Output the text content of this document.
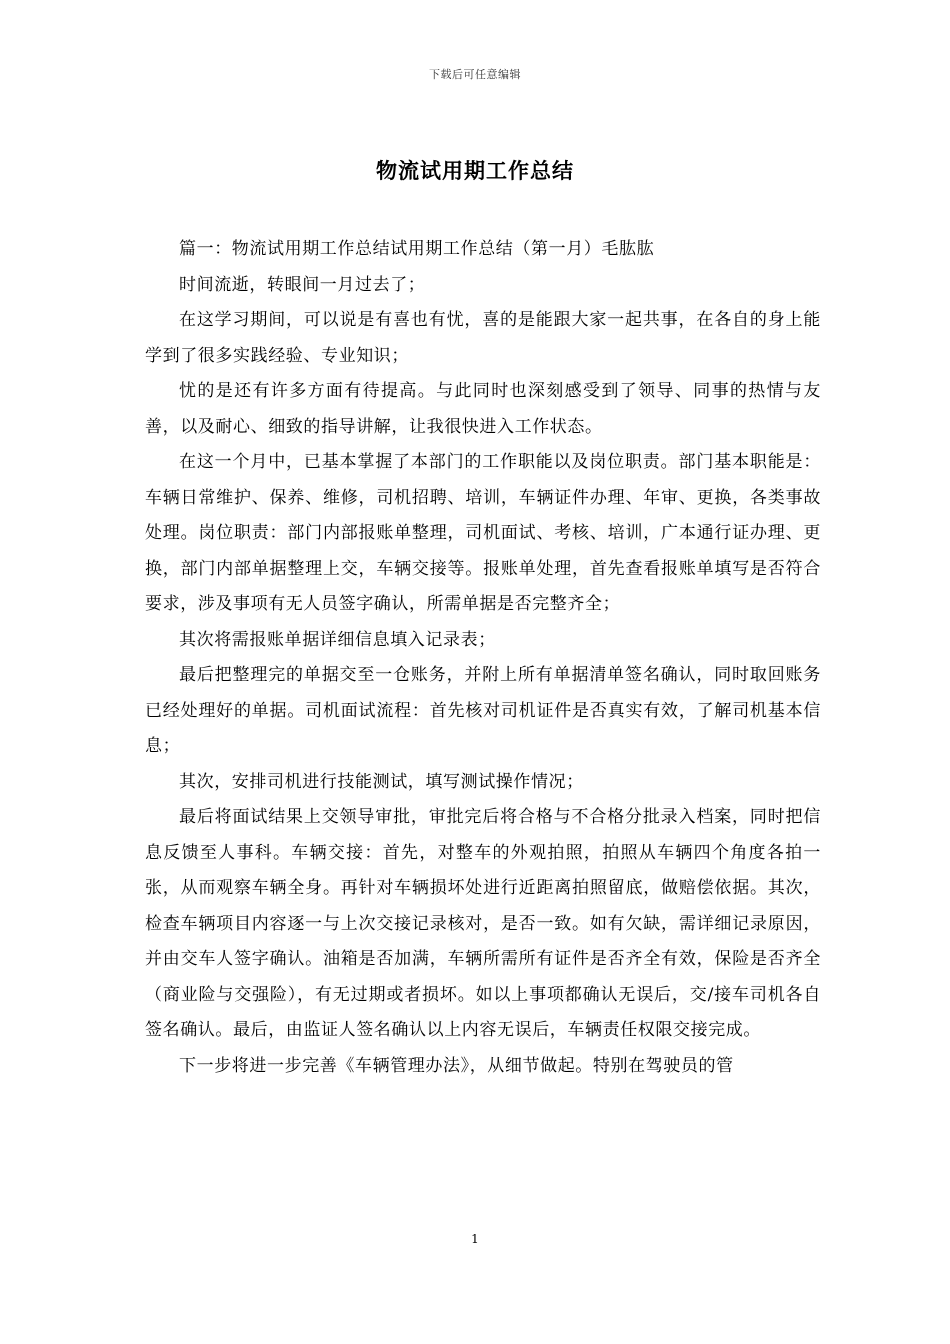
下载后可任意编辑
物流试用期工作总结

篇一：物流试用期工作总结试用期工作总结（第一月）毛肱肱

时间流逝，转眼间一月过去了；

在这学习期间，可以说是有喜也有忧，喜的是能跟大家一起共事，在各自的身上能学到了很多实践经验、专业知识；

忧的是还有许多方面有待提高。与此同时也深刻感受到了领导、同事的热情与友善，以及耐心、细致的指导讲解，让我很快进入工作状态。

在这一个月中，已基本掌握了本部门的工作职能以及岗位职责。部门基本职能是：车辆日常维护、保养、维修，司机招聘、培训，车辆证件办理、年审、更换，各类事故处理。岗位职责：部门内部报账单整理，司机面试、考核、培训，广本通行证办理、更换，部门内部单据整理上交，车辆交接等。报账单处理，首先查看报账单填写是否符合要求，涉及事项有无人员签字确认，所需单据是否完整齐全；

其次将需报账单据详细信息填入记录表；

最后把整理完的单据交至一仓账务，并附上所有单据清单签名确认，同时取回账务已经处理好的单据。司机面试流程：首先核对司机证件是否真实有效，了解司机基本信息；

其次，安排司机进行技能测试，填写测试操作情况；

最后将面试结果上交领导审批，审批完后将合格与不合格分批录入档案，同时把信息反馈至人事科。车辆交接：首先，对整车的外观拍照，拍照从车辆四个角度各拍一张，从而观察车辆全身。再针对车辆损坏处进行近距离拍照留底，做赔偿依据。其次，检查车辆项目内容逐一与上次交接记录核对，是否一致。如有欠缺，需详细记录原因，并由交车人签字确认。油箱是否加满，车辆所需所有证件是否齐全有效，保险是否齐全（商业险与交强险），有无过期或者损坏。如以上事项都确认无误后，交/接车司机各自签名确认。最后，由监证人签名确认以上内容无误后，车辆责任权限交接完成。

下一步将进一步完善《车辆管理办法》，从细节做起。特别在驾驶员的管

1
